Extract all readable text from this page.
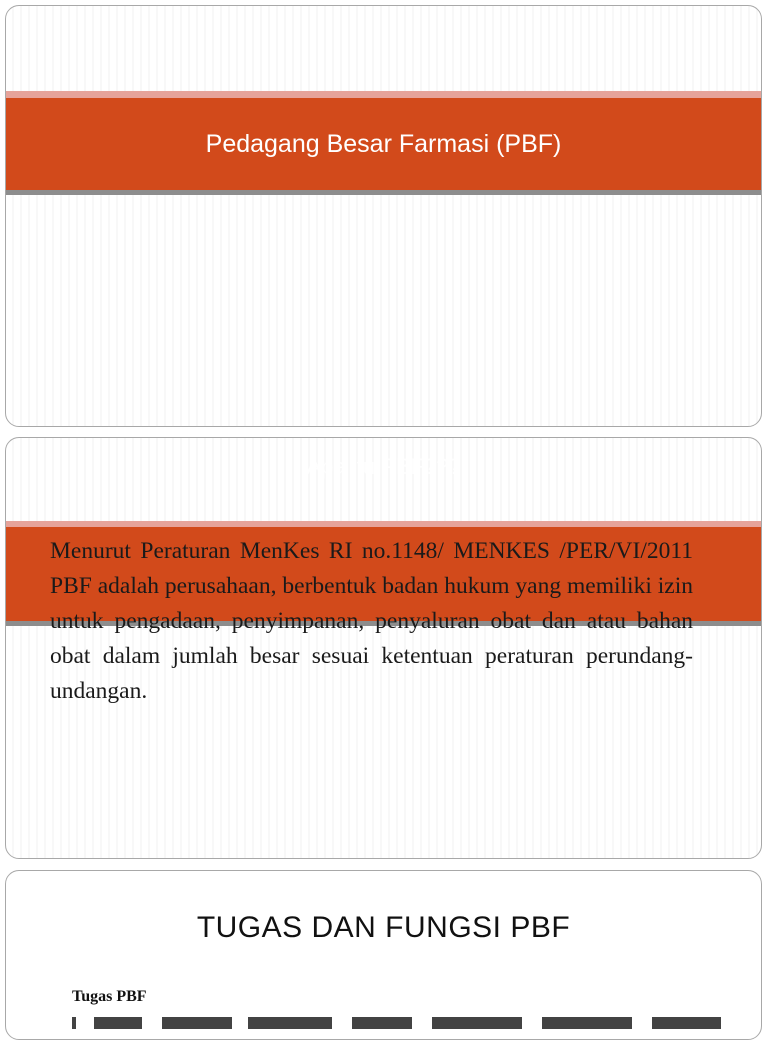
Pedagang Besar Farmasi (PBF)
Apa itu PBF???

Menurut Peraturan MenKes RI no.1148/ MENKES /PER/VI/2011 PBF adalah perusahaan, berbentuk badan hukum yang memiliki izin untuk pengadaan, penyimpanan, penyaluran obat dan atau bahan obat dalam jumlah besar sesuai ketentuan peraturan perundang-undangan.

TUGAS DAN FUNGSI PBF
Tugas PBF
